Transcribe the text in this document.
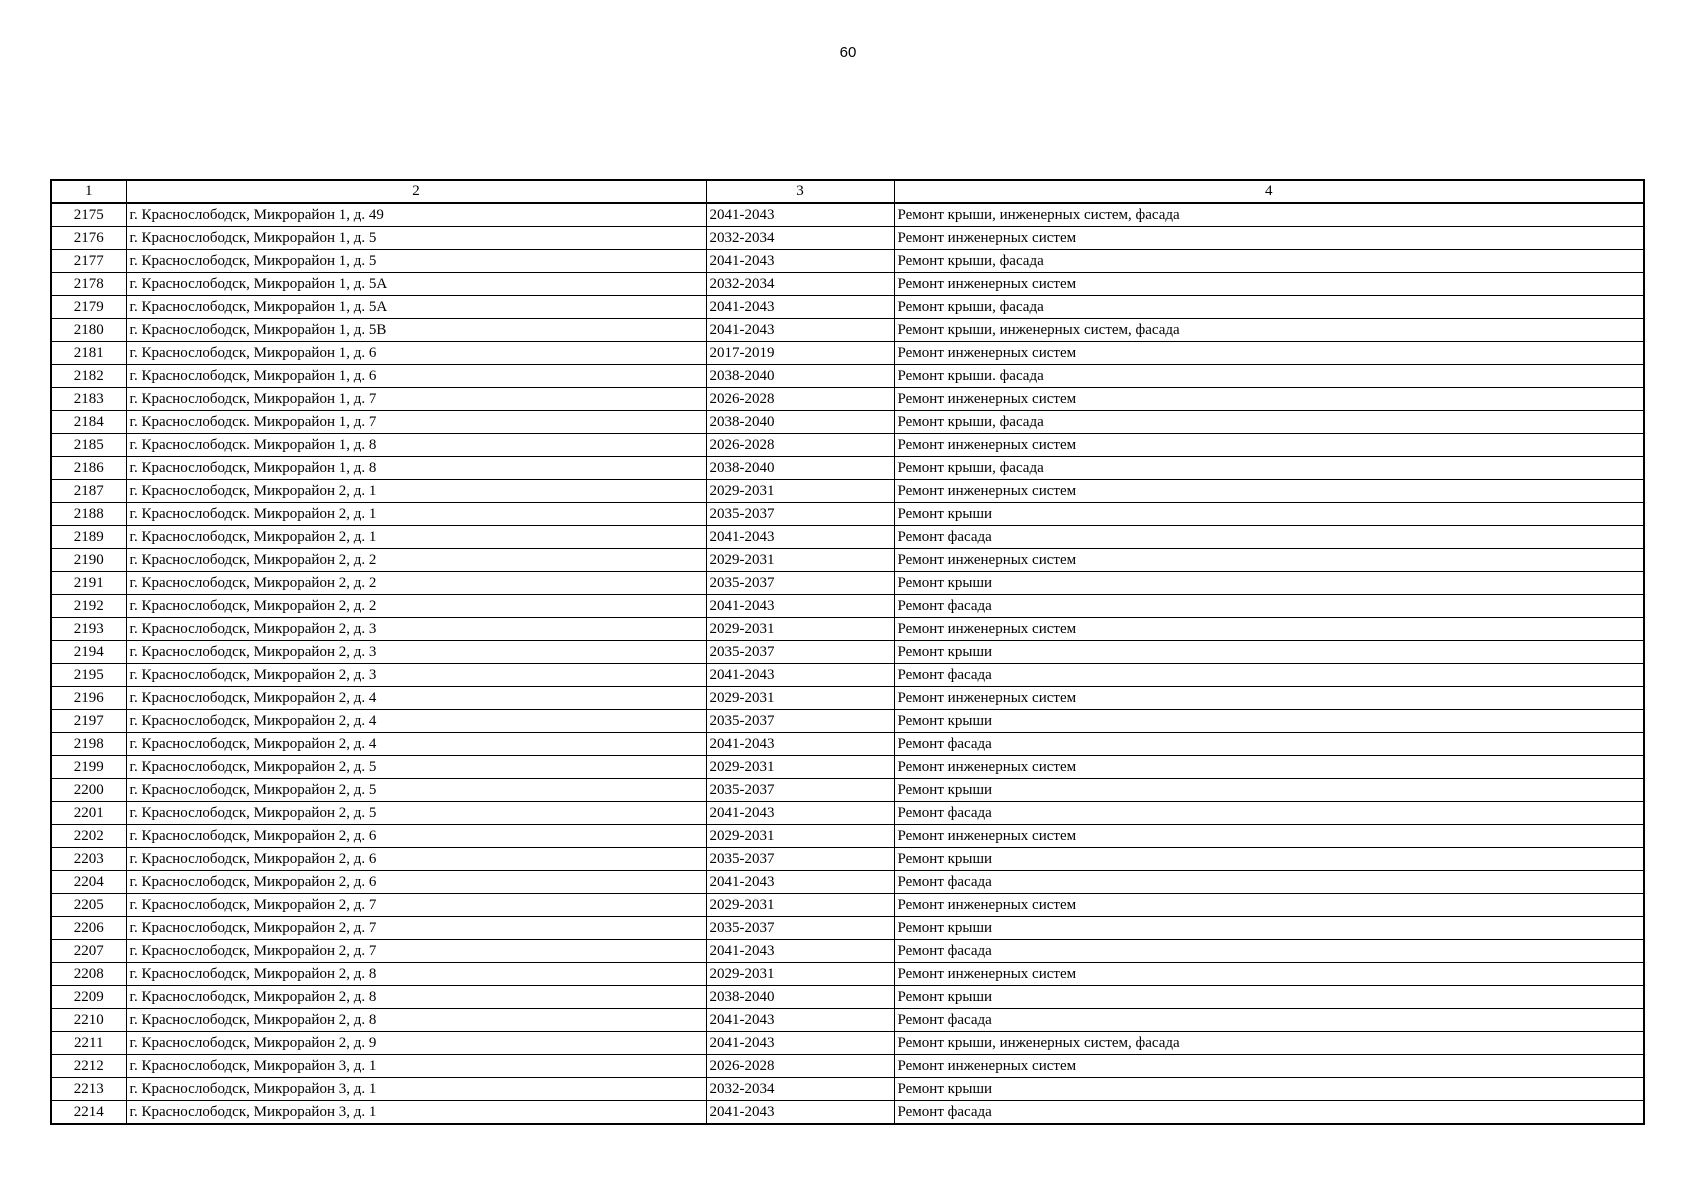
60
1	2	3	4
2175	г. Краснослободск, Микрорайон 1, д. 49	2041-2043	Ремонт крыши, инженерных систем, фасада
2176	г. Краснослободск, Микрорайон 1, д. 5	2032-2034	Ремонт инженерных систем
2177	г. Краснослободск, Микрорайон 1, д. 5	2041-2043	Ремонт крыши, фасада
2178	г. Краснослободск, Микрорайон 1, д. 5А	2032-2034	Ремонт инженерных систем
2179	г. Краснослободск, Микрорайон 1, д. 5А	2041-2043	Ремонт крыши, фасада
2180	г. Краснослободск, Микрорайон 1, д. 5В	2041-2043	Ремонт крыши, инженерных систем, фасада
2181	г. Краснослободск, Микрорайон 1, д. 6	2017-2019	Ремонт инженерных систем
2182	г. Краснослободск, Микрорайон 1, д. 6	2038-2040	Ремонт крыши. фасада
2183	г. Краснослободск, Микрорайон 1, д. 7	2026-2028	Ремонт инженерных систем
2184	г. Краснослободск. Микрорайон 1, д. 7	2038-2040	Ремонт крыши, фасада
2185	г. Краснослободск. Микрорайон 1, д. 8	2026-2028	Ремонт инженерных систем
2186	г. Краснослободск, Микрорайон 1, д. 8	2038-2040	Ремонт крыши, фасада
2187	г. Краснослободск, Микрорайон 2, д. 1	2029-2031	Ремонт инженерных систем
2188	г. Краснослободск. Микрорайон 2, д. 1	2035-2037	Ремонт крыши
2189	г. Краснослободск, Микрорайон 2, д. 1	2041-2043	Ремонт фасада
2190	г. Краснослободск, Микрорайон 2, д. 2	2029-2031	Ремонт инженерных систем
2191	г. Краснослободск, Микрорайон 2, д. 2	2035-2037	Ремонт крыши
2192	г. Краснослободск, Микрорайон 2, д. 2	2041-2043	Ремонт фасада
2193	г. Краснослободск, Микрорайон 2, д. 3	2029-2031	Ремонт инженерных систем
2194	г. Краснослободск, Микрорайон 2, д. 3	2035-2037	Ремонт крыши
2195	г. Краснослободск, Микрорайон 2, д. 3	2041-2043	Ремонт фасада
2196	г. Краснослободск, Микрорайон 2, д. 4	2029-2031	Ремонт инженерных систем
2197	г. Краснослободск, Микрорайон 2, д. 4	2035-2037	Ремонт крыши
2198	г. Краснослободск, Микрорайон 2, д. 4	2041-2043	Ремонт фасада
2199	г. Краснослободск, Микрорайон 2, д. 5	2029-2031	Ремонт инженерных систем
2200	г. Краснослободск, Микрорайон 2, д. 5	2035-2037	Ремонт крыши
2201	г. Краснослободск, Микрорайон 2, д. 5	2041-2043	Ремонт фасада
2202	г. Краснослободск, Микрорайон 2, д. 6	2029-2031	Ремонт инженерных систем
2203	г. Краснослободск, Микрорайон 2, д. 6	2035-2037	Ремонт крыши
2204	г. Краснослободск, Микрорайон 2, д. 6	2041-2043	Ремонт фасада
2205	г. Краснослободск, Микрорайон 2, д. 7	2029-2031	Ремонт инженерных систем
2206	г. Краснослободск, Микрорайон 2, д. 7	2035-2037	Ремонт крыши
2207	г. Краснослободск, Микрорайон 2, д. 7	2041-2043	Ремонт фасада
2208	г. Краснослободск, Микрорайон 2, д. 8	2029-2031	Ремонт инженерных систем
2209	г. Краснослободск, Микрорайон 2, д. 8	2038-2040	Ремонт крыши
2210	г. Краснослободск, Микрорайон 2, д. 8	2041-2043	Ремонт фасада
2211	г. Краснослободск, Микрорайон 2, д. 9	2041-2043	Ремонт крыши, инженерных систем, фасада
2212	г. Краснослободск, Микрорайон 3, д. 1	2026-2028	Ремонт инженерных систем
2213	г. Краснослободск, Микрорайон 3, д. 1	2032-2034	Ремонт крыши
2214	г. Краснослободск, Микрорайон 3, д. 1	2041-2043	Ремонт фасада
